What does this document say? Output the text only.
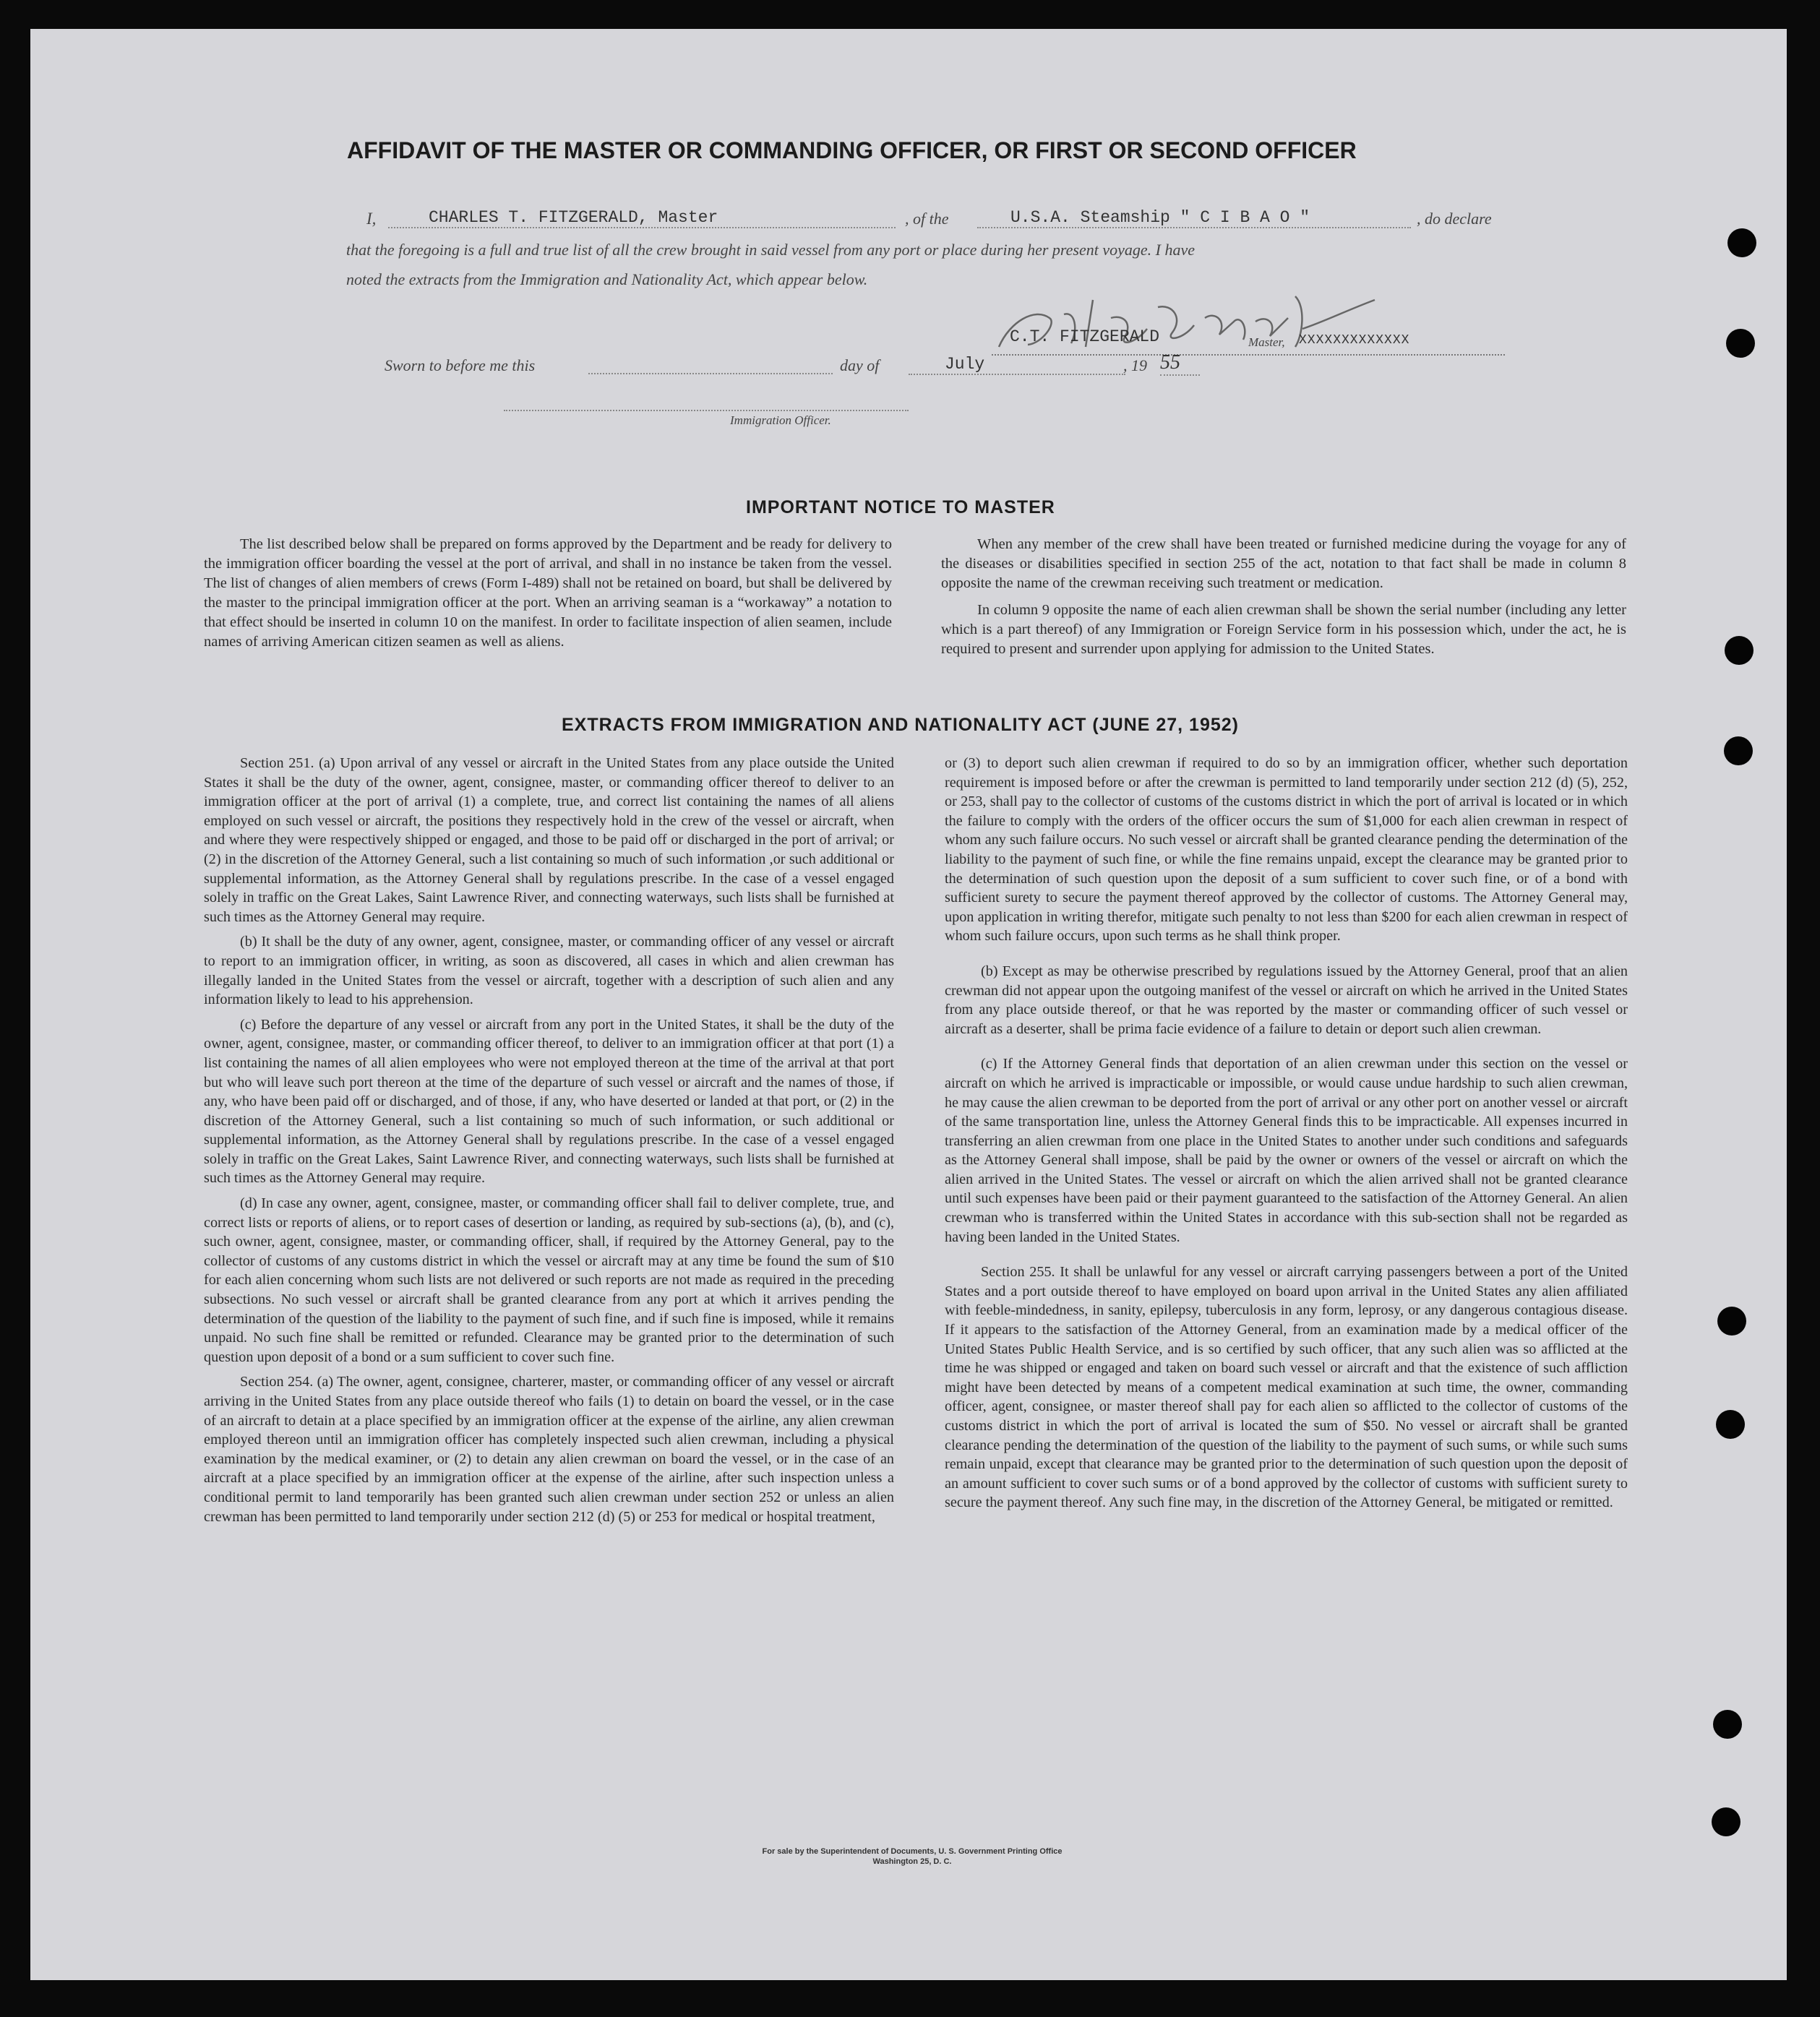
AFFIDAVIT OF THE MASTER OR COMMANDING OFFICER, OR FIRST OR SECOND OFFICER
I,	CHARLES T. FITZGERALD, Master	, of the	U.S.A. Steamship " C I B A O "	, do declare
that the foregoing is a full and true list of all the crew brought in said vessel from any port or place during her present voyage. I have
noted the extracts from the Immigration and Nationality Act, which appear below.
C.T. FITZGERALD	Master, XXXXXXXXXXXXX
Sworn to before me this	day of	July	, 19 55
Immigration Officer.
IMPORTANT NOTICE TO MASTER

The list described below shall be prepared on forms approved by the Department and be ready for delivery to the immigration officer boarding the vessel at the port of arrival, and shall in no instance be taken from the vessel. The list of changes of alien members of crews (Form I-489) shall not be retained on board, but shall be delivered by the master to the principal immigration officer at the port. When an arriving seaman is a “workaway” a notation to that effect should be inserted in column 10 on the manifest. In order to facilitate inspection of alien seamen, include names of arriving American citizen seamen as well as aliens.

When any member of the crew shall have been treated or furnished medicine during the voyage for any of the diseases or disabilities specified in section 255 of the act, notation to that fact shall be made in column 8 opposite the name of the crewman receiving such treatment or medication.

In column 9 opposite the name of each alien crewman shall be shown the serial number (including any letter which is a part thereof) of any Immigration or Foreign Service form in his possession which, under the act, he is required to present and surrender upon applying for admission to the United States.

EXTRACTS FROM IMMIGRATION AND NATIONALITY ACT (JUNE 27, 1952)

Section 251. (a) Upon arrival of any vessel or aircraft in the United States from any place outside the United States it shall be the duty of the owner, agent, consignee, master, or commanding officer thereof to deliver to an immigration officer at the port of arrival (1) a complete, true, and correct list containing the names of all aliens employed on such vessel or aircraft, the positions they respectively hold in the crew of the vessel or aircraft, when and where they were respectively shipped or engaged, and those to be paid off or discharged in the port of arrival; or (2) in the discretion of the Attorney General, such a list containing so much of such information ,or such additional or supplemental information, as the Attorney General shall by regulations prescribe. In the case of a vessel engaged solely in traffic on the Great Lakes, Saint Lawrence River, and connecting waterways, such lists shall be furnished at such times as the Attorney General may require.

(b) It shall be the duty of any owner, agent, consignee, master, or commanding officer of any vessel or aircraft to report to an immigration officer, in writing, as soon as discovered, all cases in which and alien crewman has illegally landed in the United States from the vessel or aircraft, together with a description of such alien and any information likely to lead to his apprehension.

(c) Before the departure of any vessel or aircraft from any port in the United States, it shall be the duty of the owner, agent, consignee, master, or commanding officer thereof, to deliver to an immigration officer at that port (1) a list containing the names of all alien employees who were not employed thereon at the time of the arrival at that port but who will leave such port thereon at the time of the departure of such vessel or aircraft and the names of those, if any, who have been paid off or discharged, and of those, if any, who have deserted or landed at that port, or (2) in the discretion of the Attorney General, such a list containing so much of such information, or such additional or supplemental information, as the Attorney General shall by regulations prescribe. In the case of a vessel engaged solely in traffic on the Great Lakes, Saint Lawrence River, and connecting waterways, such lists shall be furnished at such times as the Attorney General may require.

(d) In case any owner, agent, consignee, master, or commanding officer shall fail to deliver complete, true, and correct lists or reports of aliens, or to report cases of desertion or landing, as required by sub-sections (a), (b), and (c), such owner, agent, consignee, master, or commanding officer, shall, if required by the Attorney General, pay to the collector of customs of any customs district in which the vessel or aircraft may at any time be found the sum of $10 for each alien concerning whom such lists are not delivered or such reports are not made as required in the preceding subsections. No such vessel or aircraft shall be granted clearance from any port at which it arrives pending the determination of the question of the liability to the payment of such fine, and if such fine is imposed, while it remains unpaid. No such fine shall be remitted or refunded. Clearance may be granted prior to the determination of such question upon deposit of a bond or a sum sufficient to cover such fine.

Section 254. (a) The owner, agent, consignee, charterer, master, or commanding officer of any vessel or aircraft arriving in the United States from any place outside thereof who fails (1) to detain on board the vessel, or in the case of an aircraft to detain at a place specified by an immigration officer at the expense of the airline, any alien crewman employed thereon until an immigration officer has completely inspected such alien crewman, including a physical examination by the medical examiner, or (2) to detain any alien crewman on board the vessel, or in the case of an aircraft at a place specified by an immigration officer at the expense of the airline, after such inspection unless a conditional permit to land temporarily has been granted such alien crewman under section 252 or unless an alien crewman has been permitted to land temporarily under section 212 (d) (5) or 253 for medical or hospital treatment,

or (3) to deport such alien crewman if required to do so by an immigration officer, whether such deportation requirement is imposed before or after the crewman is permitted to land temporarily under section 212 (d) (5), 252, or 253, shall pay to the collector of customs of the customs district in which the port of arrival is located or in which the failure to comply with the orders of the officer occurs the sum of $1,000 for each alien crewman in respect of whom any such failure occurs. No such vessel or aircraft shall be granted clearance pending the determination of the liability to the payment of such fine, or while the fine remains unpaid, except the clearance may be granted prior to the determination of such question upon the deposit of a sum sufficient to cover such fine, or of a bond with sufficient surety to secure the payment thereof approved by the collector of customs. The Attorney General may, upon application in writing therefor, mitigate such penalty to not less than $200 for each alien crewman in respect of whom such failure occurs, upon such terms as he shall think proper.

(b) Except as may be otherwise prescribed by regulations issued by the Attorney General, proof that an alien crewman did not appear upon the outgoing manifest of the vessel or aircraft on which he arrived in the United States from any place outside thereof, or that he was reported by the master or commanding officer of such vessel or aircraft as a deserter, shall be prima facie evidence of a failure to detain or deport such alien crewman.

(c) If the Attorney General finds that deportation of an alien crewman under this section on the vessel or aircraft on which he arrived is impracticable or impossible, or would cause undue hardship to such alien crewman, he may cause the alien crewman to be deported from the port of arrival or any other port on another vessel or aircraft of the same transportation line, unless the Attorney General finds this to be impracticable. All expenses incurred in transferring an alien crewman from one place in the United States to another under such conditions and safeguards as the Attorney General shall impose, shall be paid by the owner or owners of the vessel or aircraft on which the alien arrived in the United States. The vessel or aircraft on which the alien arrived shall not be granted clearance until such expenses have been paid or their payment guaranteed to the satisfaction of the Attorney General. An alien crewman who is transferred within the United States in accordance with this sub-section shall not be regarded as having been landed in the United States.

Section 255. It shall be unlawful for any vessel or aircraft carrying passengers between a port of the United States and a port outside thereof to have employed on board upon arrival in the United States any alien affiliated with feeble-mindedness, in sanity, epilepsy, tuberculosis in any form, leprosy, or any dangerous contagious disease. If it appears to the satisfaction of the Attorney General, from an examination made by a medical officer of the United States Public Health Service, and is so certified by such officer, that any such alien was so afflicted at the time he was shipped or engaged and taken on board such vessel or aircraft and that the existence of such affliction might have been detected by means of a competent medical examination at such time, the owner, commanding officer, agent, consignee, or master thereof shall pay for each alien so afflicted to the collector of customs of the customs district in which the port of arrival is located the sum of $50. No vessel or aircraft shall be granted clearance pending the determination of the question of the liability to the payment of such sums, or while such sums remain unpaid, except that clearance may be granted prior to the determination of such question upon the deposit of an amount sufficient to cover such sums or of a bond approved by the collector of customs with sufficient surety to secure the payment thereof. Any such fine may, in the discretion of the Attorney General, be mitigated or remitted.

For sale by the Superintendent of Documents, U. S. Government Printing Office
Washington 25, D. C.
